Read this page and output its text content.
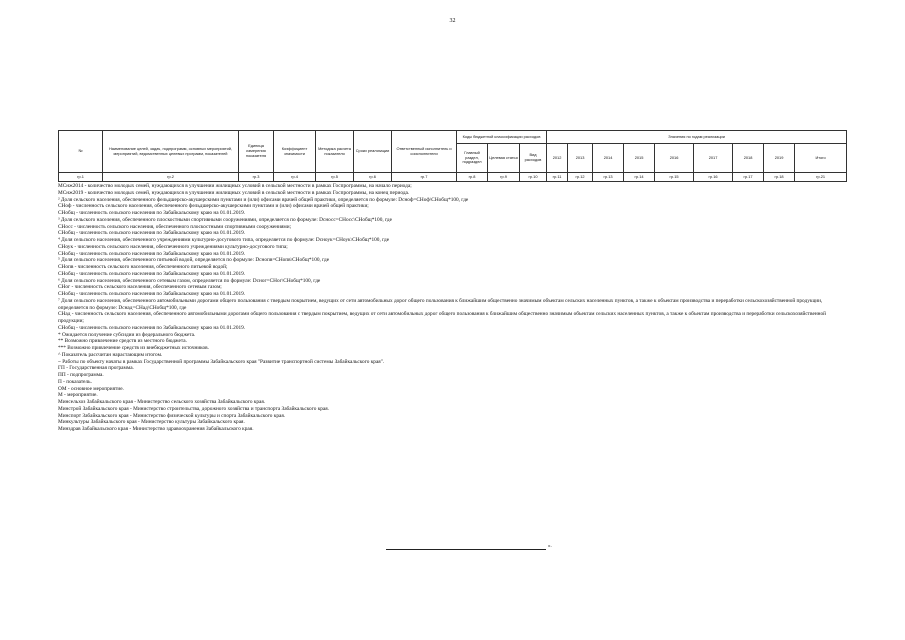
32
№	Наименование целей, задач, подпрограмм, основных мероприятий, мероприятий, ведомственных целевых программ, показателей	Единица измерения показателя	Коэффициент значимости	Методика расчета показателя	Сроки реализации	Ответственный исполнитель и соисполнители	Коды бюджетной классификации расходов			Значения по годам реализации								
							Главный раздел, подраздел	Целевая статья	Вид расходов	2012	2013	2014	2015	2016	2017	2018	2019	Итого
гр.1	гр.2	гр.3	гр.4	гр.5	гр.6	гр.7	гр.8	гр.9	гр.10	гр.11	гр.12	гр.13	гр.14	гр.15	гр.16	гр.17	гр.18	гр.21
МСнж2014 - количество молодых семей, нуждающихся в улучшении жилищных условий в сельской местности в рамках Госпрограммы, на начало периода;
МСнж2019 - количество молодых семей, нуждающихся в улучшении жилищных условий в сельской местности в рамках Госпрограммы, на конец периода.
² Доля сельского населения, обеспеченного фельдшерско-акушерскими пунктами и (или) офисами врачей общей практики, определяется по формуле: Dсноф=СНоф\СНобщ*100, где
СНоф - численность сельского населения, обеспеченного фельдшерско-акушерскими пунктами и (или) офисами врачей общей практики;
СНобщ - численность сельского населения по Забайкальскому краю на 01.01.2019.
³ Доля сельского населения, обеспеченного плоскостными спортивными сооружениями, определяется по формуле: Dсносс=СНосс\СНобщ*100, где
СНосс - численность сельского населения, обеспеченного плоскостными спортивными сооружениями;
СНобщ - численность сельского населения по Забайкальскому краю на 01.01.2019.
⁴ Доля сельского населения, обеспеченного учреждениями культурно-досугового типа, определяется по формуле: Dсноук=СНоук\СНобщ*100, где
СНоук - численность сельского населения, обеспеченного учреждениями культурно-досугового типа;
СНобщ - численность сельского населения по Забайкальскому краю на 01.01.2019.
⁵ Доля сельского населения, обеспеченного питьевой водой, определяется по формуле: Dснопв=СНопв\СНобщ*100, где
СНопв - численность сельского населения, обеспеченного питьевой водой;
СНобщ - численность сельского населения по Забайкальскому краю на 01.01.2019.
⁶ Доля сельского населения, обеспеченного сетевым газом, определяется по формуле: Dсног=СНог\СНобщ*100, где
СНог - численность сельского населения, обеспеченного сетевым газом;
СНобщ - численность сельского населения по Забайкальскому краю на 01.01.2019.
⁷ Доля сельского населения, обеспеченного автомобильными дорогами общего пользования с твердым покрытием, ведущих от сети автомобильных дорог общего пользования к ближайшим общественно значимым объектам сельских населенных пунктов, а также к объектам производства и переработки сельскохозяйственной продукции, определяется по формуле: Dснад=СНад\СНобщ*100, где
СНад - численность сельского населения, обеспеченного автомобильными дорогами общего пользования с твердым покрытием, ведущих от сети автомобильных дорог общего пользования к ближайшим общественно значимым объектам сельских населенных пунктов, а также к объектам производства и переработки сельскохозяйственной продукции;
СНобщ - численность сельского населения по Забайкальскому краю на 01.01.2019.
* Ожидается получение субсидии из федерального бюджета.
** Возможно привлечение средств из местного бюджета.
*** Возможно привлечение средств из внебюджетных источников.
^ Показатель рассчитан нарастающим итогом.
~ Работы по объекту начаты в рамках Государственной программы Забайкальского края "Развитие транспортной системы Забайкальского края".
ГП - Государственная программа.
ПП - подпрограмма.
П - показатель.
ОМ - основное мероприятие.
М - мероприятие.
Минсельхоз Забайкальского края - Министерство сельского хозяйства Забайкальского края.
Минстрой Забайкальского края - Министерство строительства, дорожного хозяйства и транспорта Забайкальского края.
Минспорт Забайкальского края - Министерство физической культуры и спорта Забайкальского края.
Минкультуры Забайкальского края - Министерство культуры Забайкальского края.
Минздрав Забайкальского края - Министерство здравоохранения Забайкальского края.
».
